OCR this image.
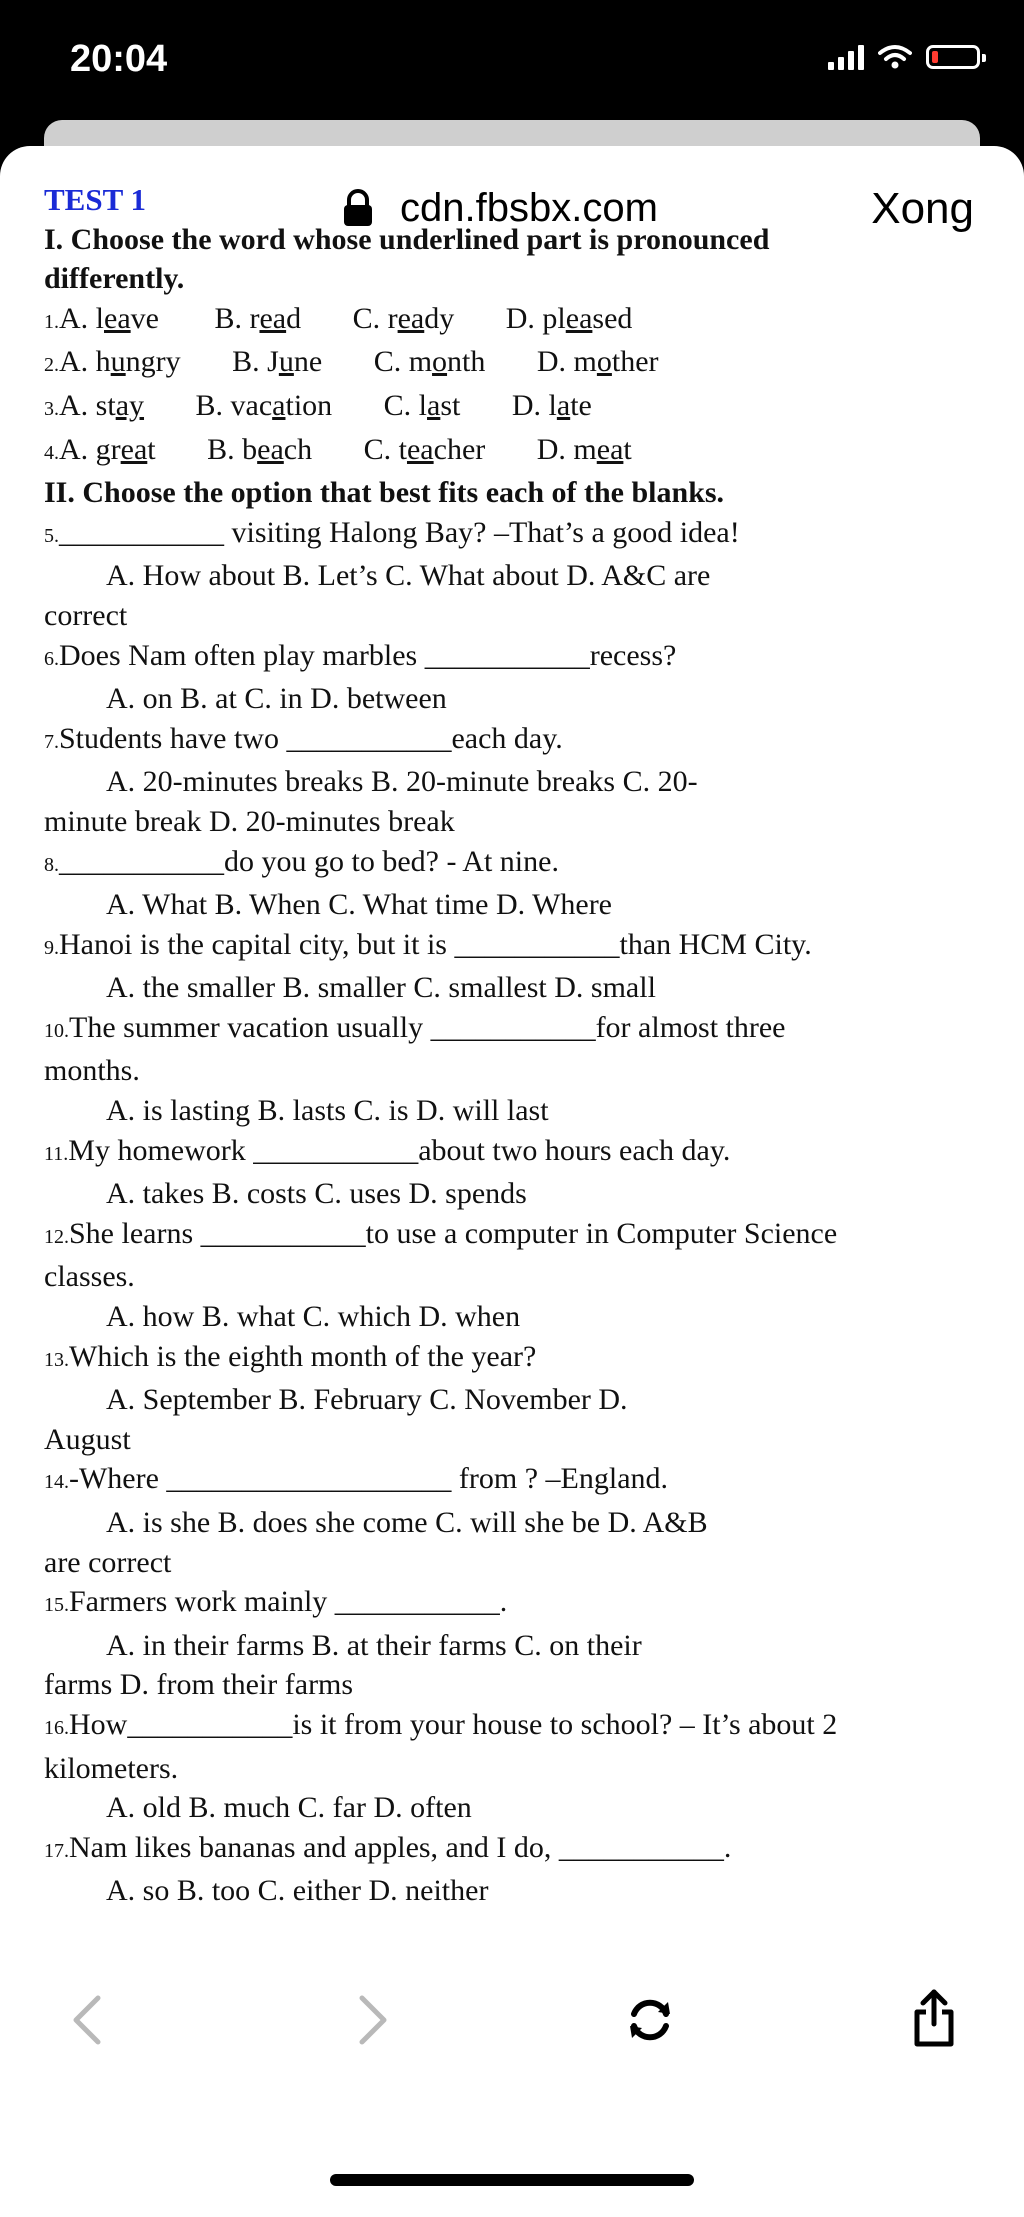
20:04
cdn.fbsbx.com	Xong
TEST 1
I. Choose the word whose underlined part is pronounced
differently.
1.A. leave B. read C. ready D. pleased
2.A. hungry B. June C. month D. mother
3.A. stay B. vacation C. last D. late
4.A. great B. beach C. teacher D. meat
II. Choose the option that best fits each of the blanks.
5.___________ visiting Halong Bay? –That’s a good idea!
A. How about B. Let’s C. What about D. A&C are
correct
6.Does Nam often play marbles ___________recess?
A. on B. at C. in D. between
7.Students have two ___________each day.
A. 20-minutes breaks B. 20-minute breaks C. 20-
minute break D. 20-minutes break
8.___________do you go to bed? - At nine.
A. What B. When C. What time D. Where
9.Hanoi is the capital city, but it is ___________than HCM City.
A. the smaller B. smaller C. smallest D. small
10.The summer vacation usually ___________for almost three
months.
A. is lasting B. lasts C. is D. will last
11.My homework ___________about two hours each day.
A. takes B. costs C. uses D. spends
12.She learns ___________to use a computer in Computer Science
classes.
A. how B. what C. which D. when
13.Which is the eighth month of the year?
A. September B. February C. November D.
August
14.-Where ___________________ from ? –England.
A. is she B. does she come C. will she be D. A&B
are correct
15.Farmers work mainly ___________.
A. in their farms B. at their farms C. on their
farms D. from their farms
16.How___________is it from your house to school? – It’s about 2
kilometers.
A. old B. much C. far D. often
17.Nam likes bananas and apples, and I do, ___________.
A. so B. too C. either D. neither
